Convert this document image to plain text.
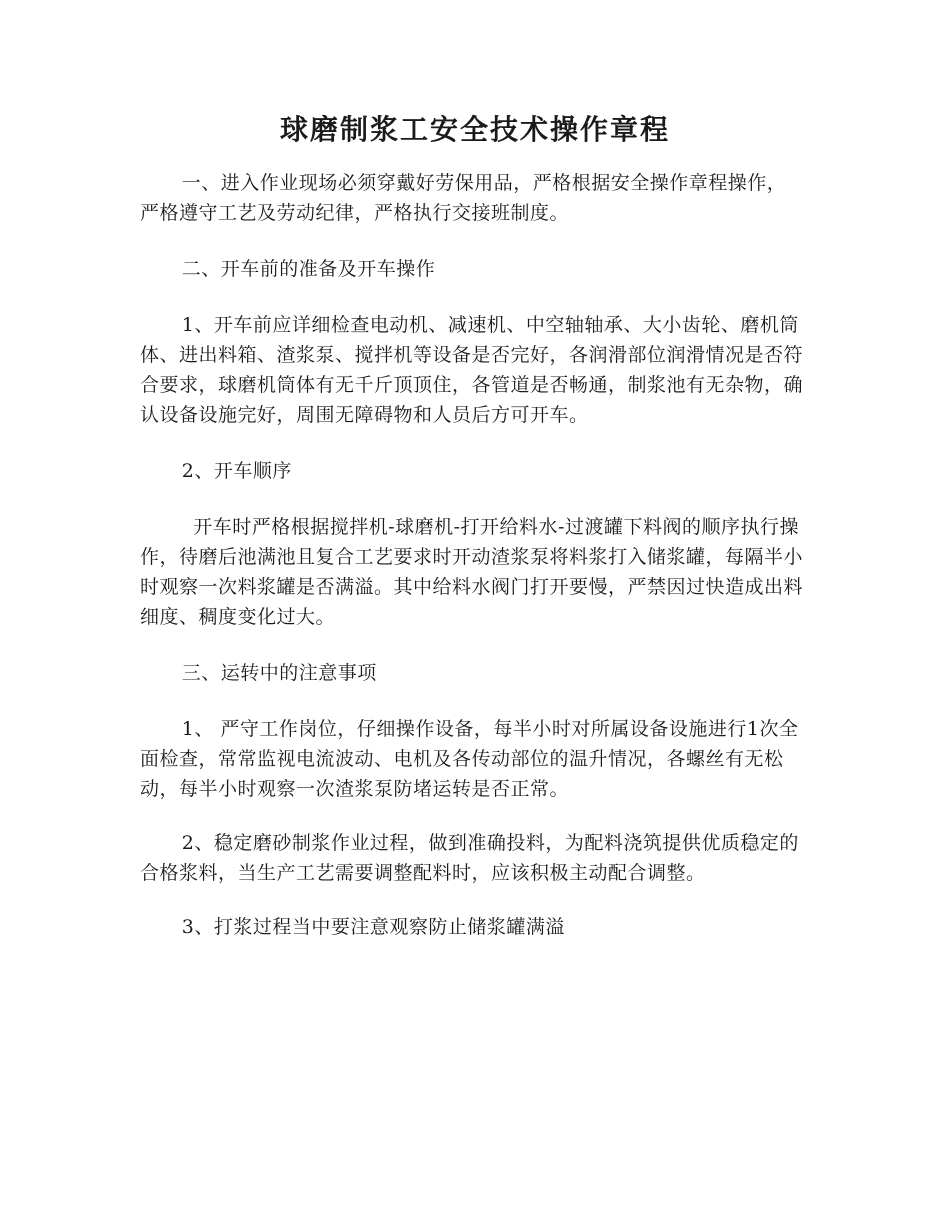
球磨制浆工安全技术操作章程

一、进入作业现场必须穿戴好劳保用品，严格根据安全操作章程操作，严格遵守工艺及劳动纪律，严格执行交接班制度。

二、开车前的准备及开车操作

1、开车前应详细检查电动机、减速机、中空轴轴承、大小齿轮、磨机筒体、进出料箱、渣浆泵、搅拌机等设备是否完好，各润滑部位润滑情况是否符合要求，球磨机筒体有无千斤顶顶住，各管道是否畅通，制浆池有无杂物，确认设备设施完好，周围无障碍物和人员后方可开车。

2、开车顺序

开车时严格根据搅拌机-球磨机-打开给料水-过渡罐下料阀的顺序执行操作，待磨后池满池且复合工艺要求时开动渣浆泵将料浆打入储浆罐，每隔半小时观察一次料浆罐是否满溢。其中给料水阀门打开要慢，严禁因过快造成出料细度、稠度变化过大。

三、运转中的注意事项

1、 严守工作岗位，仔细操作设备，每半小时对所属设备设施进行1次全面检查，常常监视电流波动、电机及各传动部位的温升情况，各螺丝有无松动，每半小时观察一次渣浆泵防堵运转是否正常。

2、稳定磨砂制浆作业过程，做到准确投料，为配料浇筑提供优质稳定的合格浆料，当生产工艺需要调整配料时，应该积极主动配合调整。

3、打浆过程当中要注意观察防止储浆罐满溢
